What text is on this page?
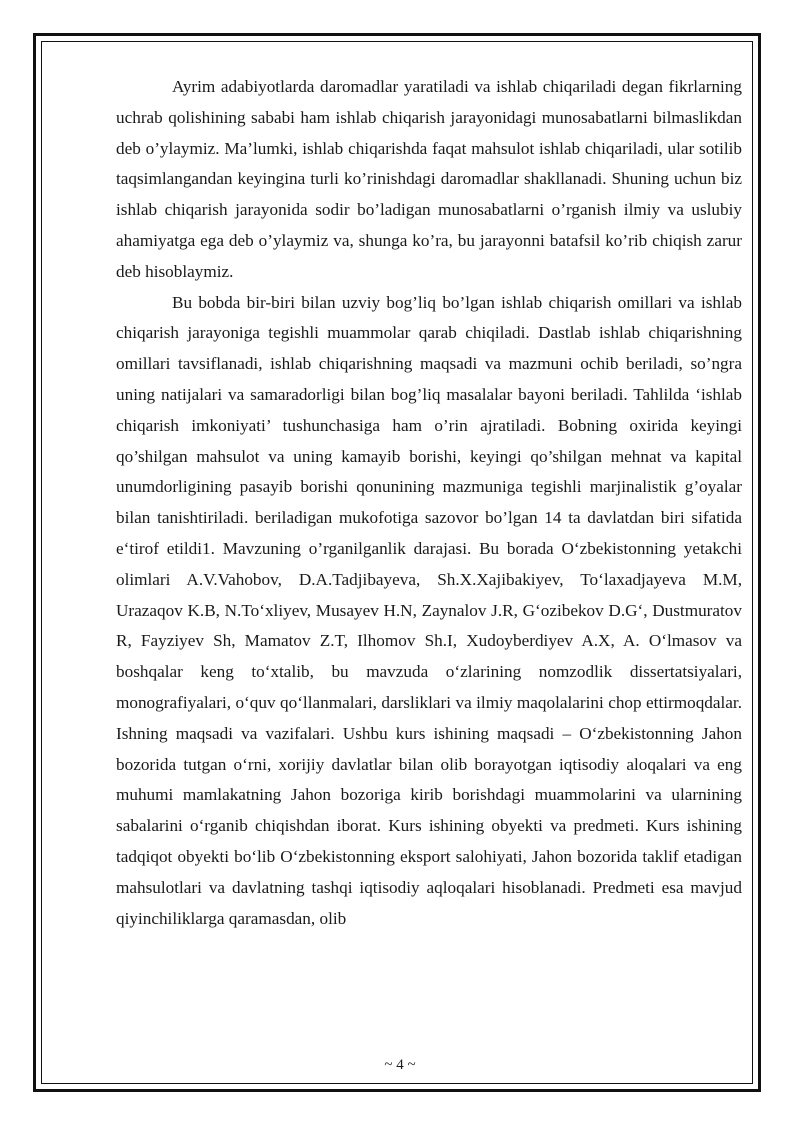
Ayrim adabiyotlarda daromadlar yaratiladi va ishlab chiqariladi degan fikrlarning uchrab qolishining sababi ham ishlab chiqarish jarayonidagi munosabatlarni bilmaslikdan deb o’ylaymiz. Ma’lumki, ishlab chiqarishda faqat mahsulot ishlab chiqariladi, ular sotilib taqsimlangandan keyingina turli ko’rinishdagi daromadlar shakllanadi. Shuning uchun biz ishlab chiqarish jarayonida sodir bo’ladigan munosabatlarni o’rganish ilmiy va uslubiy ahamiyatga ega deb o’ylaymiz va, shunga ko’ra, bu jarayonni batafsil ko’rib chiqish zarur deb hisoblaymiz.

Bu bobda bir-biri bilan uzviy bog’liq bo’lgan ishlab chiqarish omillari va ishlab chiqarish jarayoniga tegishli muammolar qarab chiqiladi. Dastlab ishlab chiqarishning omillari tavsiflanadi, ishlab chiqarishning maqsadi va mazmuni ochib beriladi, so’ngra uning natijalari va samaradorligi bilan bog’liq masalalar bayoni beriladi. Tahlilda ‘ishlab chiqarish imkoniyati’ tushunchasiga ham o’rin ajratiladi. Bobning oxirida keyingi qo’shilgan mahsulot va uning kamayib borishi, keyingi qo’shilgan mehnat va kapital unumdorligining pasayib borishi qonunining mazmuniga tegishli marjinalistik g’oyalar bilan tanishtiriladi. beriladigan mukofotiga sazovor bo’lgan 14 ta davlatdan biri sifatida e‘tirof etildi1. Mavzuning o’rganilganlik darajasi. Bu borada O‘zbekistonning yetakchi olimlari A.V.Vahobov, D.A.Tadjibayeva, Sh.X.Xajibakiyev, To‘laxadjayeva M.M, Urazaqov K.B, N.To‘xliyev, Musayev H.N, Zaynalov J.R, G‘ozibekov D.G‘, Dustmuratov R, Fayziyev Sh, Mamatov Z.T, Ilhomov Sh.I, Xudoyberdiyev A.X, A. O‘lmasov va boshqalar keng to‘xtalib, bu mavzuda o‘zlarining nomzodlik dissertatsiyalari, monografiyalari, o‘quv qo‘llanmalari, darsliklari va ilmiy maqolalarini chop ettirmoqdalar. Ishning maqsadi va vazifalari. Ushbu kurs ishining maqsadi – O‘zbekistonning Jahon bozorida tutgan o‘rni, xorijiy davlatlar bilan olib borayotgan iqtisodiy aloqalari va eng muhumi mamlakatning Jahon bozoriga kirib borishdagi muammolarini va ularnining sabalarini o‘rganib chiqishdan iborat. Kurs ishining obyekti va predmeti. Kurs ishining tadqiqot obyekti bo‘lib O‘zbekistonning eksport salohiyati, Jahon bozorida taklif etadigan mahsulotlari va davlatning tashqi iqtisodiy aqloqalari hisoblanadi. Predmeti esa mavjud qiyinchiliklarga qaramasdan, olib

~ 4 ~
